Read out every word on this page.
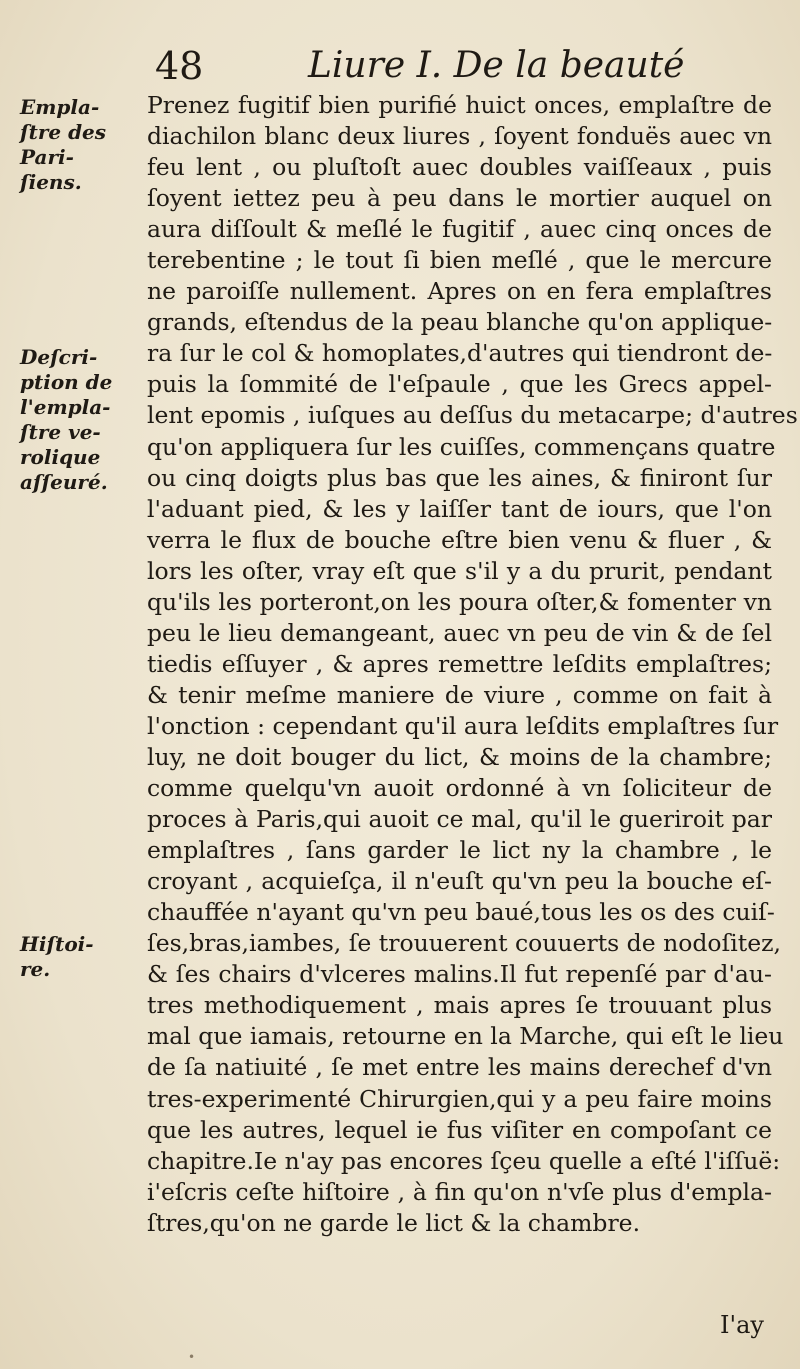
48	Liure I. De la beauté
Empla-
ſtre des
Pari-
ſiens.
Deſcri-
ption de
l'empla-
ſtre ve-
rolique
aſſeuré.
Hiſtoi-
re.
Prenez fugitif bien purifié huict onces, emplaſtre de
diachilon blanc deux liures , ſoyent fonduës auec vn
feu lent , ou pluſtoſt auec doubles vaiſſeaux , puis
ſoyent iettez peu à peu dans le mortier auquel on
aura diſſoult & meſlé le fugitif , auec cinq onces de
terebentine ; le tout ſi bien meſlé , que le mercure
ne paroiſſe nullement. Apres on en fera emplaſtres
grands, eſtendus de la peau blanche qu'on applique-
ra ſur le col & homoplates,d'autres qui tiendront de-
puis la ſommité de l'eſpaule , que les Grecs appel-
lent epomis , iuſques au deſſus du metacarpe; d'autres
qu'on appliquera ſur les cuiſſes, commençans quatre
ou cinq doigts plus bas que les aines, & finiront ſur
l'aduant pied, & les y laiſſer tant de iours, que l'on
verra le flux de bouche eſtre bien venu & fluer , &
lors les oſter, vray eſt que s'il y a du prurit, pendant
qu'ils les porteront,on les poura oſter,& fomenter vn
peu le lieu demangeant, auec vn peu de vin & de ſel
tiedis eſſuyer , & apres remettre leſdits emplaſtres;
& tenir meſme maniere de viure , comme on fait à
l'onction : cependant qu'il aura leſdits emplaſtres ſur
luy, ne doit bouger du lict, & moins de la chambre;
comme quelqu'vn auoit ordonné à vn ſoliciteur de
proces à Paris,qui auoit ce mal, qu'il le gueriroit par
emplaſtres , ſans garder le lict ny la chambre , le
croyant , acquieſça, il n'euſt qu'vn peu la bouche eſ-
chauffée n'ayant qu'vn peu baué,tous les os des cuiſ-
ſes,bras,iambes, ſe trouuerent couuerts de nodoſitez,
& ſes chairs d'vlceres malins.Il fut repenſé par d'au-
tres methodiquement , mais apres ſe trouuant plus
mal que iamais, retourne en la Marche, qui eſt le lieu
de ſa natiuité , ſe met entre les mains derechef d'vn
tres-experimenté Chirurgien,qui y a peu faire moins
que les autres, lequel ie fus viſiter en compoſant ce
chapitre.Ie n'ay pas encores ſçeu quelle a eſté l'iſſuë:
i'eſcris ceſte hiſtoire , à fin qu'on n'vſe plus d'empla-
ſtres,qu'on ne garde le lict & la chambre.
I'ay
•
